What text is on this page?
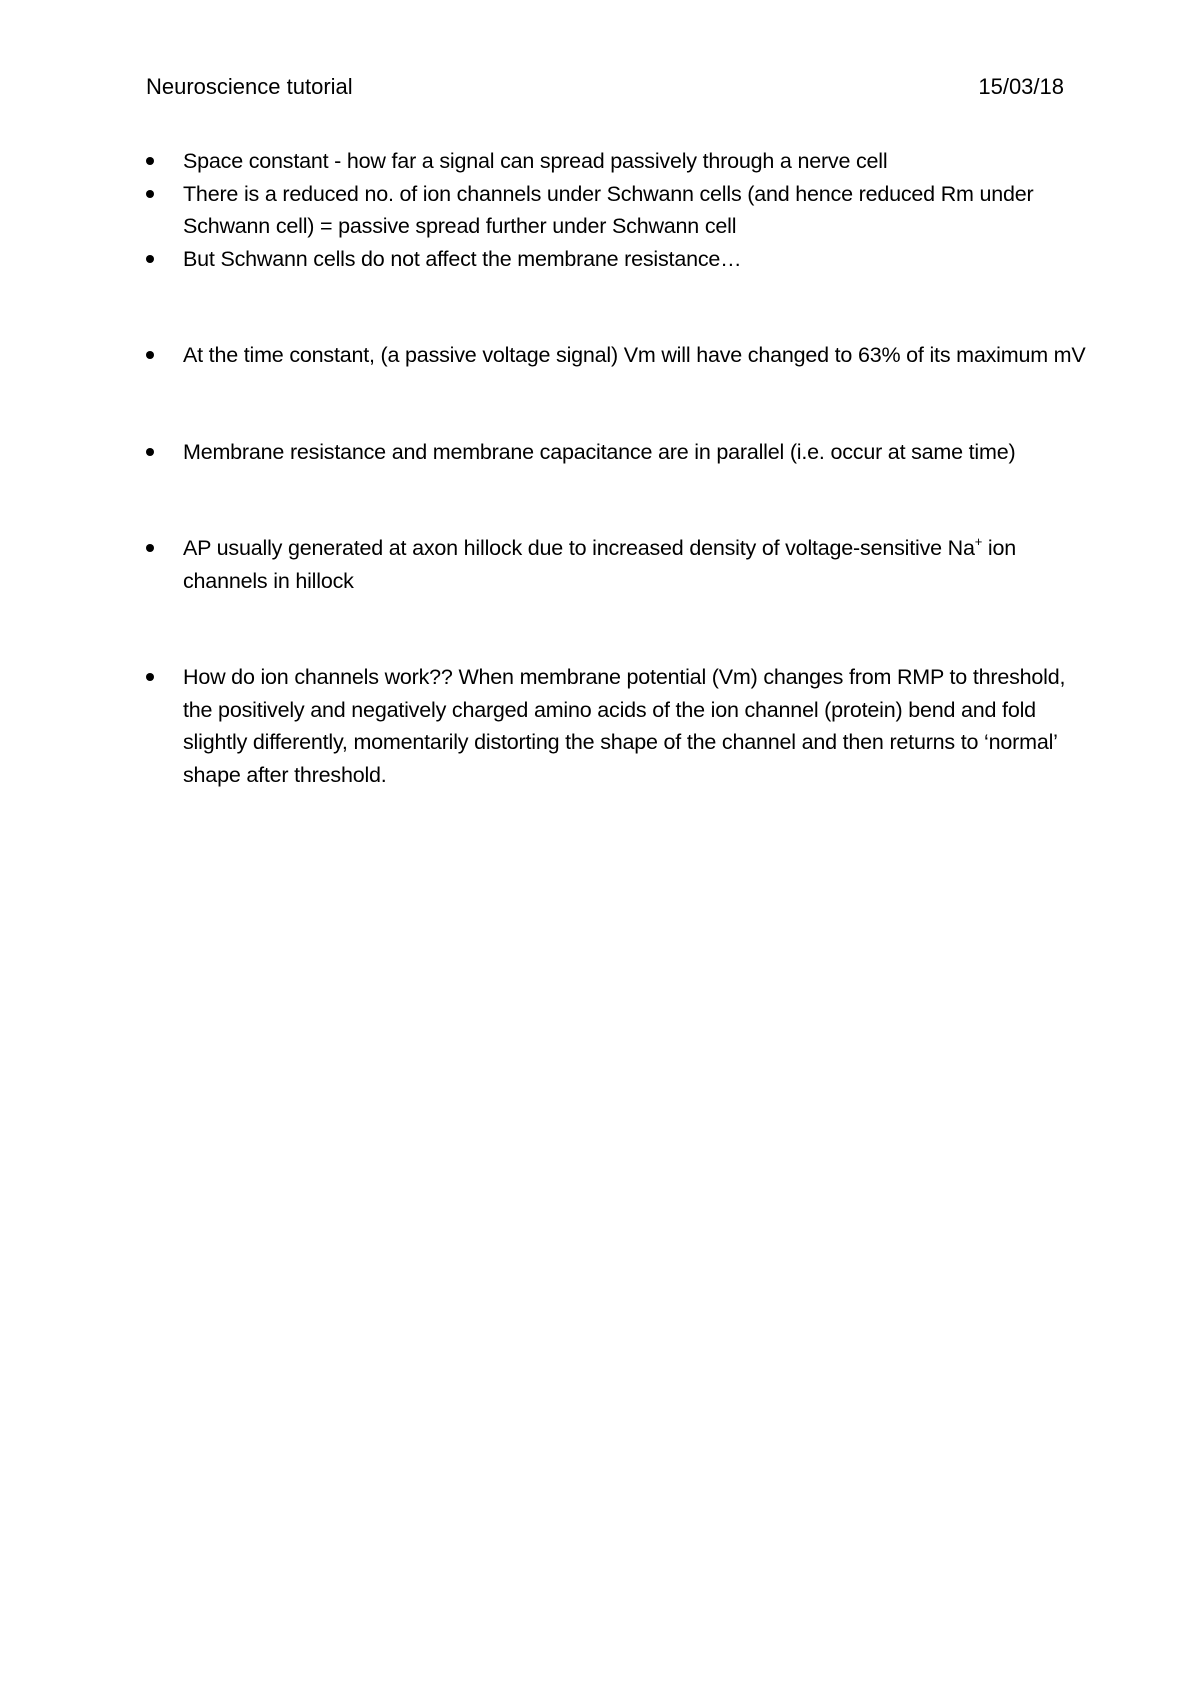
Neuroscience tutorial	15/03/18
Space constant - how far a signal can spread passively through a nerve cell
There is a reduced no. of ion channels under Schwann cells (and hence reduced Rm under Schwann cell) = passive spread further under Schwann cell
But Schwann cells do not affect the membrane resistance…
At the time constant, (a passive voltage signal) Vm will have changed to 63% of its maximum mV
Membrane resistance and membrane capacitance are in parallel (i.e. occur at same time)
AP usually generated at axon hillock due to increased density of voltage-sensitive Na+ ion channels in hillock
How do ion channels work?? When membrane potential (Vm) changes from RMP to threshold, the positively and negatively charged amino acids of the ion channel (protein) bend and fold slightly differently, momentarily distorting the shape of the channel and then returns to ‘normal’ shape after threshold.
